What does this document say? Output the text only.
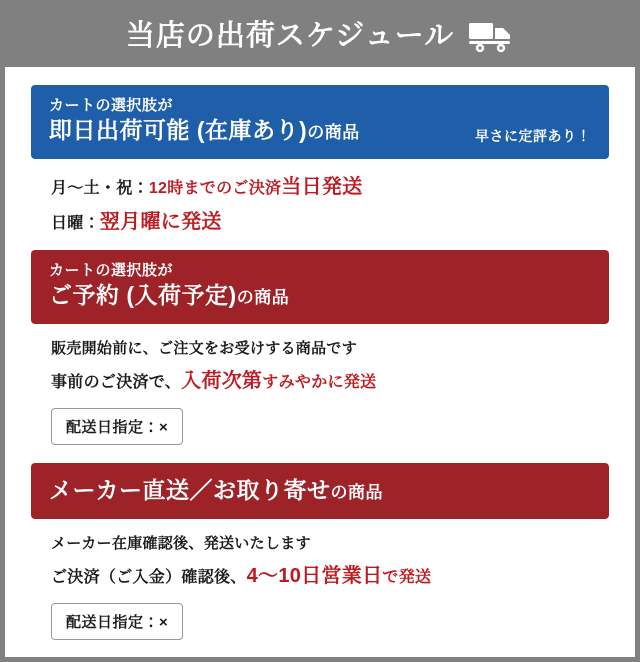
当店の出荷スケジュール
カートの選択肢が
即日出荷可能 (在庫あり)の商品	早さに定評あり！
月～土・祝：12時までのご決済当日発送
日曜：翌月曜に発送
カートの選択肢が
ご予約 (入荷予定)の商品
販売開始前に、ご注文をお受けする商品です
事前のご決済で、入荷次第すみやかに発送
配送日指定：×
メーカー直送／お取り寄せの商品
メーカー在庫確認後、発送いたします
ご決済（ご入金）確認後、4～10日営業日で発送
配送日指定：×
